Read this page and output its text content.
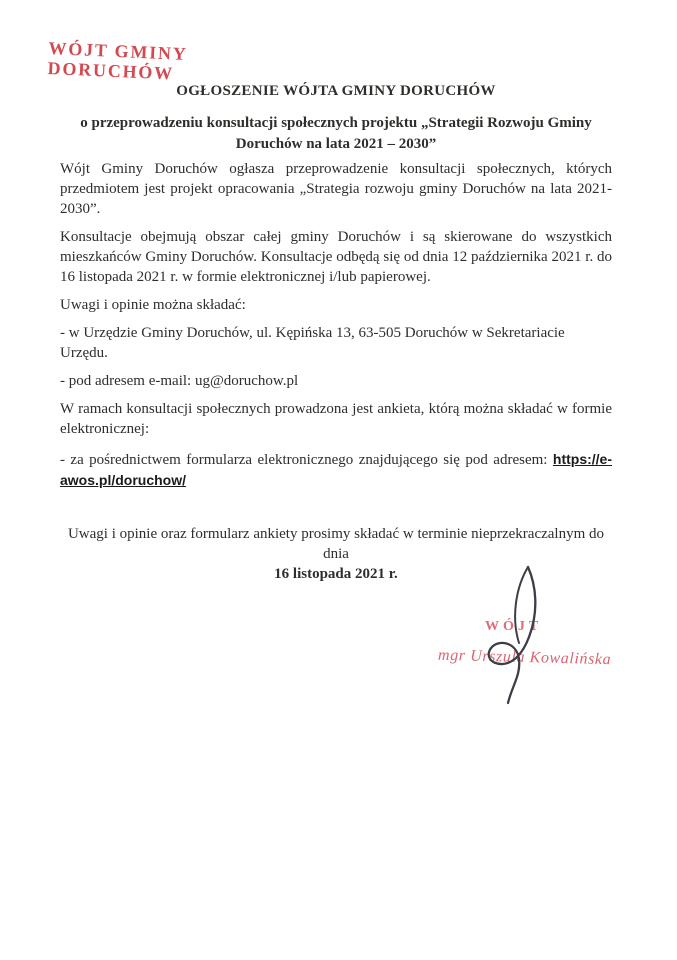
WÓJT GMINY
DORUCHÓW
OGŁOSZENIE WÓJTA GMINY DORUCHÓW
o przeprowadzeniu konsultacji społecznych projektu „Strategii Rozwoju Gminy
Doruchów na lata 2021 – 2030”

Wójt Gminy Doruchów ogłasza przeprowadzenie konsultacji społecznych, których przedmiotem jest projekt opracowania „Strategia rozwoju gminy Doruchów na lata 2021-2030”.

Konsultacje obejmują obszar całej gminy Doruchów i są skierowane do wszystkich mieszkańców Gminy Doruchów. Konsultacje odbędą się od dnia 12 października 2021 r. do 16 listopada 2021 r. w formie elektronicznej i/lub papierowej.

Uwagi i opinie można składać:

- w Urzędzie Gminy Doruchów, ul. Kępińska 13, 63-505 Doruchów w Sekretariacie Urzędu.

- pod adresem e-mail: ug@doruchow.pl

W ramach konsultacji społecznych prowadzona jest ankieta, którą można składać w formie elektronicznej:

- za pośrednictwem formularza elektronicznego znajdującego się pod adresem: https://e-awos.pl/doruchow/

Uwagi i opinie oraz formularz ankiety prosimy składać w terminie nieprzekraczalnym do dnia
16 listopada 2021 r.

WÓJT
mgr Urszula Kowalińska
